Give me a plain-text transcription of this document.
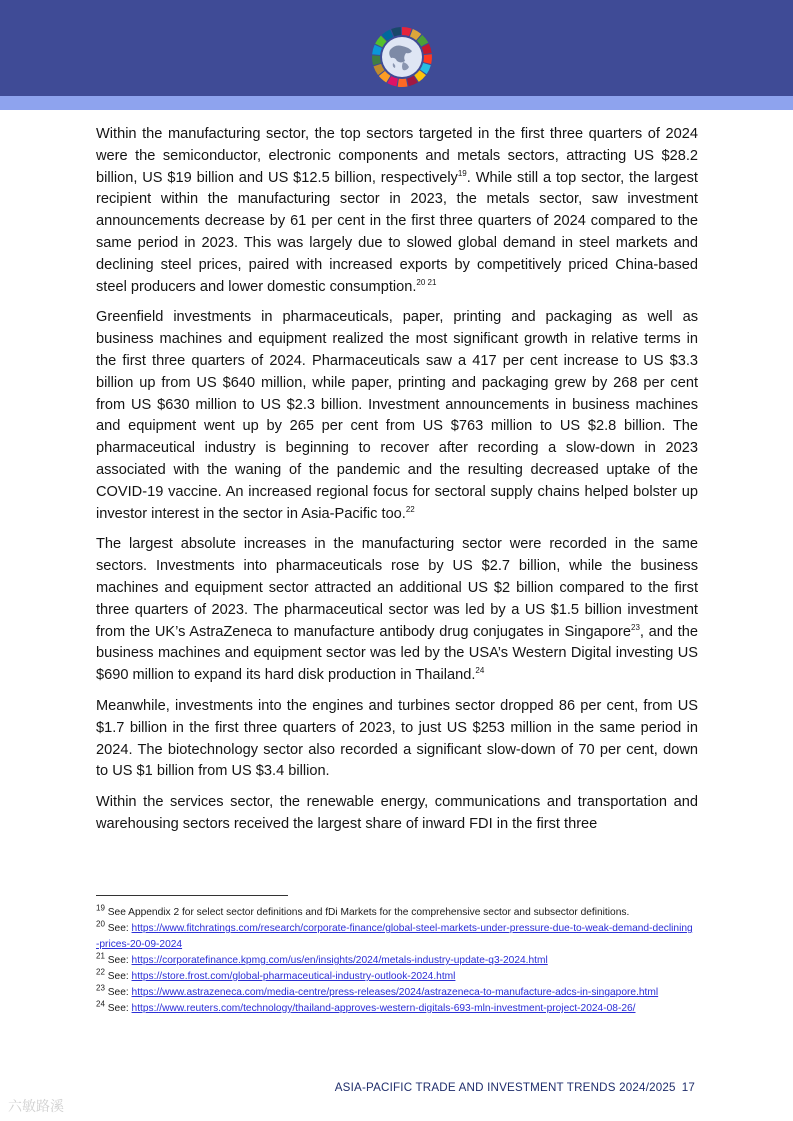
Within the manufacturing sector, the top sectors targeted in the first three quarters of 2024 were the semiconductor, electronic components and metals sectors, attracting US $28.2 billion, US $19 billion and US $12.5 billion, respectively$^{19}$. While still a top sector, the largest recipient within the manufacturing sector in 2023, the metals sector, saw investment announcements decrease by 61 per cent in the first three quarters of 2024 compared to the same period in 2023. This was largely due to slowed global demand in steel markets and declining steel prices, paired with increased exports by competitively priced China-based steel producers and lower domestic consumption.$^{20 21}$

Greenfield investments in pharmaceuticals, paper, printing and packaging as well as business machines and equipment realized the most significant growth in relative terms in the first three quarters of 2024. Pharmaceuticals saw a 417 per cent increase to US $3.3 billion up from US $640 million, while paper, printing and packaging grew by 268 per cent from US $630 million to US $2.3 billion. Investment announcements in business machines and equipment went up by 265 per cent from US $763 million to US $2.8 billion. The pharmaceutical industry is beginning to recover after recording a slow-down in 2023 associated with the waning of the pandemic and the resulting decreased uptake of the COVID-19 vaccine. An increased regional focus for sectoral supply chains helped bolster up investor interest in the sector in Asia-Pacific too.$^{22}$

The largest absolute increases in the manufacturing sector were recorded in the same sectors. Investments into pharmaceuticals rose by US $2.7 billion, while the business machines and equipment sector attracted an additional US $2 billion compared to the first three quarters of 2023. The pharmaceutical sector was led by a US $1.5 billion investment from the UK’s AstraZeneca to manufacture antibody drug conjugates in Singapore$^{23}$, and the business machines and equipment sector was led by the USA’s Western Digital investing US $690 million to expand its hard disk production in Thailand.$^{24}$

Meanwhile, investments into the engines and turbines sector dropped 86 per cent, from US $1.7 billion in the first three quarters of 2023, to just US $253 million in the same period in 2024. The biotechnology sector also recorded a significant slow-down of 70 per cent, down to US $1 billion from US $3.4 billion.

Within the services sector, the renewable energy, communications and transportation and warehousing sectors received the largest share of inward FDI in the first three

$^{19}$ See Appendix 2 for select sector definitions and fDi Markets for the comprehensive sector and subsector definitions.
$^{20}$ See: https://www.fitchratings.com/research/corporate-finance/global-steel-markets-under-pressure-due-to-weak-demand-declining-prices-20-09-2024
$^{21}$ See: https://corporatefinance.kpmg.com/us/en/insights/2024/metals-industry-update-q3-2024.html
$^{22}$ See: https://store.frost.com/global-pharmaceutical-industry-outlook-2024.html
$^{23}$ See: https://www.astrazeneca.com/media-centre/press-releases/2024/astrazeneca-to-manufacture-adcs-in-singapore.html
$^{24}$ See: https://www.reuters.com/technology/thailand-approves-western-digitals-693-mln-investment-project-2024-08-26/
ASIA-PACIFIC TRADE AND INVESTMENT TRENDS 2024/2025 17
六敏路溪
